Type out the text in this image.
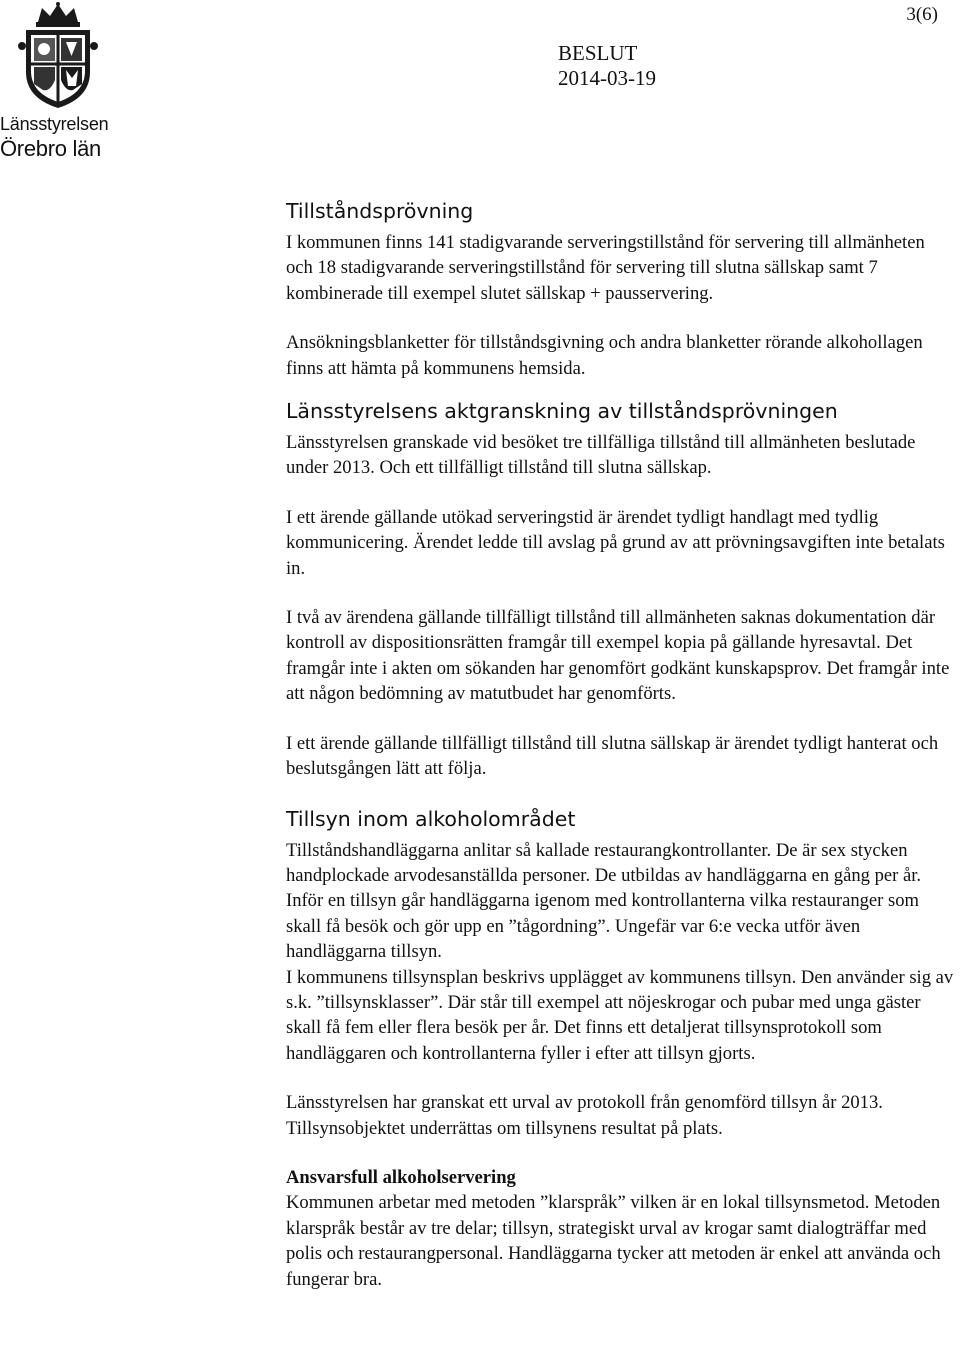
3(6)
Länsstyrelsen
Örebro län
BESLUT
2014-03-19
Tillståndsprövning

I kommunen finns 141 stadigvarande serveringstillstånd för servering till allmänheten och 18 stadigvarande serveringstillstånd för servering till slutna sällskap samt 7 kombinerade till exempel slutet sällskap + pausservering.

Ansökningsblanketter för tillståndsgivning och andra blanketter rörande alkohollagen finns att hämta på kommunens hemsida.

Länsstyrelsens aktgranskning av tillståndsprövningen

Länsstyrelsen granskade vid besöket tre tillfälliga tillstånd till allmänheten beslutade under 2013. Och ett tillfälligt tillstånd till slutna sällskap.

I ett ärende gällande utökad serveringstid är ärendet tydligt handlagt med tydlig kommunicering. Ärendet ledde till avslag på grund av att prövningsavgiften inte betalats in.

I två av ärendena gällande tillfälligt tillstånd till allmänheten saknas dokumentation där kontroll av dispositionsrätten framgår till exempel kopia på gällande hyresavtal. Det framgår inte i akten om sökanden har genomfört godkänt kunskapsprov. Det framgår inte att någon bedömning av matutbudet har genomförts.

I ett ärende gällande tillfälligt tillstånd till slutna sällskap är ärendet tydligt hanterat och beslutsgången lätt att följa.

Tillsyn inom alkoholområdet

Tillståndshandläggarna anlitar så kallade restaurangkontrollanter. De är sex stycken handplockade arvodesanställda personer. De utbildas av handläggarna en gång per år. Inför en tillsyn går handläggarna igenom med kontrollanterna vilka restauranger som skall få besök och gör upp en ”tågordning”. Ungefär var 6:e vecka utför även handläggarna tillsyn.

I kommunens tillsynsplan beskrivs upplägget av kommunens tillsyn. Den använder sig av s.k. ”tillsynsklasser”. Där står till exempel att nöjeskrogar och pubar med unga gäster skall få fem eller flera besök per år. Det finns ett detaljerat tillsynsprotokoll som handläggaren och kontrollanterna fyller i efter att tillsyn gjorts.

Länsstyrelsen har granskat ett urval av protokoll från genomförd tillsyn år 2013. Tillsynsobjektet underrättas om tillsynens resultat på plats.

Ansvarsfull alkoholservering

Kommunen arbetar med metoden ”klarspråk” vilken är en lokal tillsynsmetod. Metoden klarspråk består av tre delar; tillsyn, strategiskt urval av krogar samt dialogträffar med polis och restaurangpersonal. Handläggarna tycker att metoden är enkel att använda och fungerar bra.
